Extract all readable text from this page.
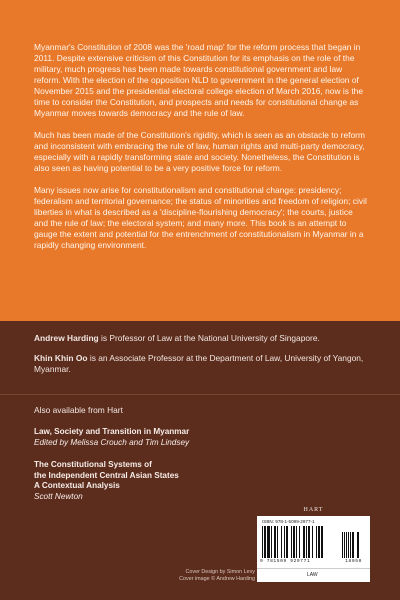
Myanmar's Constitution of 2008 was the 'road map' for the reform process that began in 2011. Despite extensive criticism of this Constitution for its emphasis on the role of the military, much progress has been made towards constitutional government and law reform. With the election of the opposition NLD to government in the general election of November 2015 and the presidential electoral college election of March 2016, now is the time to consider the Constitution, and prospects and needs for constitutional change as Myanmar moves towards democracy and the rule of law.

Much has been made of the Constitution's rigidity, which is seen as an obstacle to reform and inconsistent with embracing the rule of law, human rights and multi-party democracy, especially with a rapidly transforming state and society. Nonetheless, the Constitution is also seen as having potential to be a very positive force for reform.

Many issues now arise for constitutionalism and constitutional change: presidency; federalism and territorial governance; the status of minorities and freedom of religion; civil liberties in what is described as a 'discipline-flourishing democracy'; the courts, justice and the rule of law; the electoral system; and many more. This book is an attempt to gauge the extent and potential for the entrenchment of constitutionalism in Myanmar in a rapidly changing environment.

Andrew Harding is Professor of Law at the National University of Singapore.

Khin Khin Oo is an Associate Professor at the Department of Law, University of Yangon, Myanmar.

Also available from Hart
Law, Society and Transition in Myanmar
Edited by Melissa Crouch and Tim Lindsey
The Constitutional Systems of
the Independent Central Asian States
A Contextual Analysis
Scott Newton
HART
ISBN: 978-1-5099-2977-1
9 781509 929771	18050
LAW
Cover Design by Simon Levy
Cover image © Andrew Harding
